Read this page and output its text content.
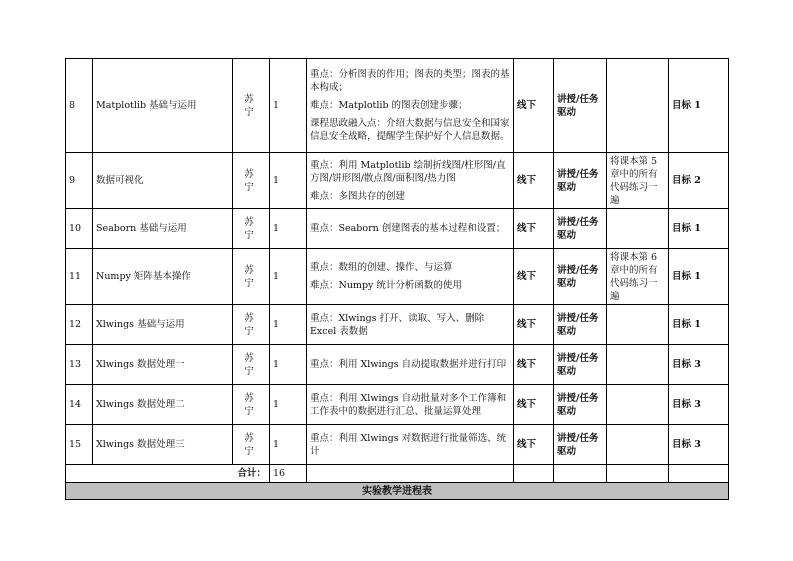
8	Matplotlib 基础与运用	苏 宁	1	重点：分析图表的作用；图表的类型；图表的基本构成；

难点：Matplotlib 的图表创建步骤；

课程思政融入点：介绍大数据与信息安全和国家信息安全战略，提醒学生保护好个人信息数据。	线下	讲授/任务驱动		目标 1
9	数据可视化	苏 宁	1	重点：利用 Matplotlib 绘制折线图/柱形图/直方图/饼形图/散点图/面积图/热力图

难点：多图共存的创建	线下	讲授/任务驱动	将课本第 5 章中的所有代码练习一遍	目标 2
10	Seaborn 基础与运用	苏 宁	1	重点：Seaborn 创建图表的基本过程和设置；	线下	讲授/任务驱动		目标 1
11	Numpy 矩阵基本操作	苏 宁	1	重点：数组的创建、操作、与运算

难点：Numpy 统计分析函数的使用	线下	讲授/任务驱动	将课本第 6 章中的所有代码练习一遍	目标 1
12	Xlwings 基础与运用	苏 宁	1	重点：Xlwings 打开、读取、写入、删除 Excel 表数据	线下	讲授/任务驱动		目标 1
13	Xlwings 数据处理一	苏 宁	1	重点：利用 Xlwings 自动提取数据并进行打印	线下	讲授/任务驱动		目标 3
14	Xlwings 数据处理二	苏 宁	1	重点：利用 Xlwings 自动批量对多个工作簿和工作表中的数据进行汇总、批量运算处理	线下	讲授/任务驱动		目标 3
15	Xlwings 数据处理三	苏 宁	1	重点：利用 Xlwings 对数据进行批量筛选、统计	线下	讲授/任务驱动		目标 3
合计：			16					
实验教学进程表								
